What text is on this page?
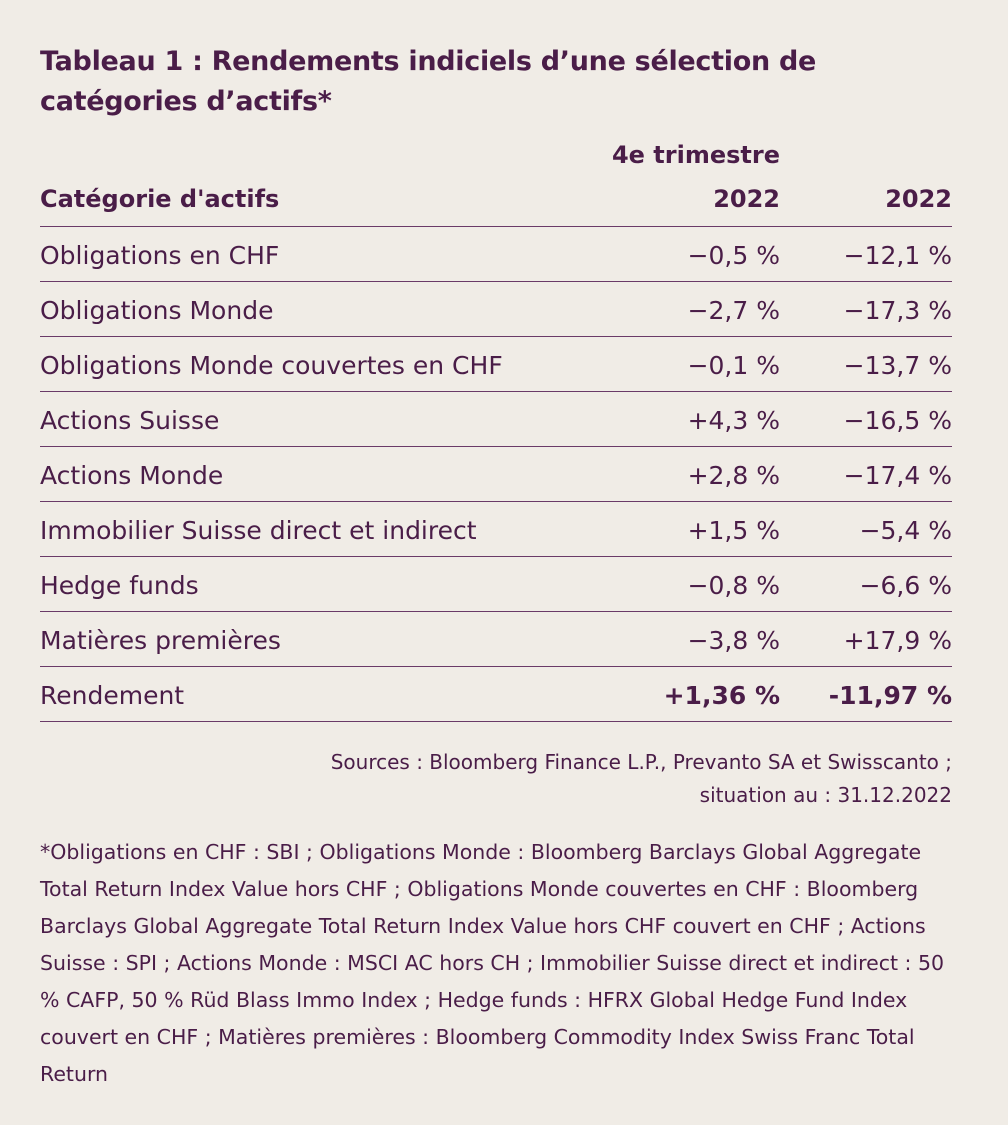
Tableau 1 : Rendements indiciels d’une sélection de catégories d’actifs*
4e trimestre
Catégorie d'actifs	2022	2022
Obligations en CHF	−0,5 %	−12,1 %
Obligations Monde	−2,7 %	−17,3 %
Obligations Monde couvertes en CHF	−0,1 %	−13,7 %
Actions Suisse	+4,3 %	−16,5 %
Actions Monde	+2,8 %	−17,4 %
Immobilier Suisse direct et indirect	+1,5 %	−5,4 %
Hedge funds	−0,8 %	−6,6 %
Matières premières	−3,8 %	+17,9 %
Rendement	+1,36 % -11,97 %
Sources : Bloomberg Finance L.P., Prevanto SA et Swisscanto ;
situation au : 31.12.2022
*Obligations en CHF : SBI ; Obligations Monde : Bloomberg Barclays Global Aggregate Total Return Index Value hors CHF ; Obligations Monde couvertes en CHF : Bloomberg Barclays Global Aggregate Total Return Index Value hors CHF couvert en CHF ; Actions Suisse : SPI ; Actions Monde : MSCI AC hors CH ; Immobilier Suisse direct et indirect : 50 % CAFP, 50 % Rüd Blass Immo Index ; Hedge funds : HFRX Global Hedge Fund Index couvert en CHF ; Matières premières : Bloomberg Commodity Index Swiss Franc Total Return
